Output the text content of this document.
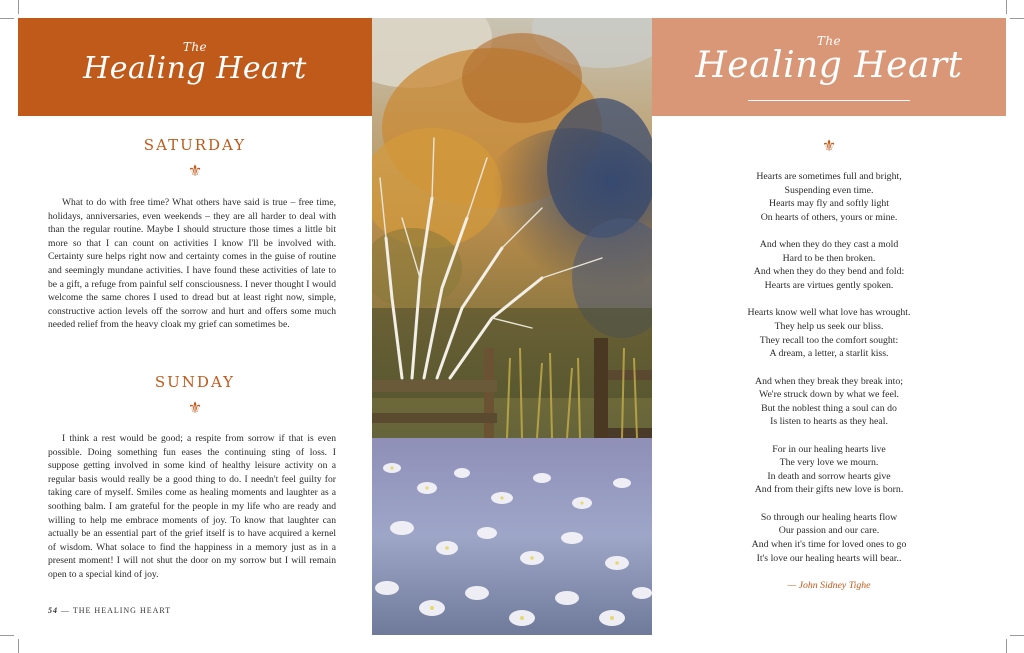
The
Healing Heart
SATURDAY
⚜

What to do with free time? What others have said is true – free time, holidays, anniversaries, even weekends – they are all harder to deal with than the regular routine. Maybe I should structure those times a little bit more so that I can count on activities I know I'll be involved with. Certainty sure helps right now and certainty comes in the guise of routine and seemingly mundane activities. I have found these activities of late to be a gift, a refuge from painful self consciousness. I never thought I would welcome the same chores I used to dread but at least right now, simple, constructive action levels off the sorrow and hurt and offers some much needed relief from the heavy cloak my grief can sometimes be.

SUNDAY
⚜

I think a rest would be good; a respite from sorrow if that is even possible. Doing something fun eases the continuing sting of loss. I suppose getting involved in some kind of healthy leisure activity on a regular basis would really be a good thing to do. I needn't feel guilty for taking care of myself. Smiles come as healing moments and laughter as a soothing balm. I am grateful for the people in my life who are ready and willing to help me embrace moments of joy. To know that laughter can actually be an essential part of the grief itself is to have acquired a kernel of wisdom. What solace to find the happiness in a memory just as in a present moment! I will not shut the door on my sorrow but I will remain open to a special kind of joy.

54 — THE HEALING HEART
The
Healing Heart
⚜
Hearts are sometimes full and bright,
Suspending even time.
Hearts may fly and softly light
On hearts of others, yours or mine.
And when they do they cast a mold
Hard to be then broken.
And when they do they bend and fold:
Hearts are virtues gently spoken.
Hearts know well what love has wrought.
They help us seek our bliss.
They recall too the comfort sought:
A dream, a letter, a starlit kiss.
And when they break they break into;
We're struck down by what we feel.
But the noblest thing a soul can do
Is listen to hearts as they heal.
For in our healing hearts live
The very love we mourn.
In death and sorrow hearts give
And from their gifts new love is born.
So through our healing hearts flow
Our passion and our care.
And when it's time for loved ones to go
It's love our healing hearts will bear..
— John Sidney Tighe
